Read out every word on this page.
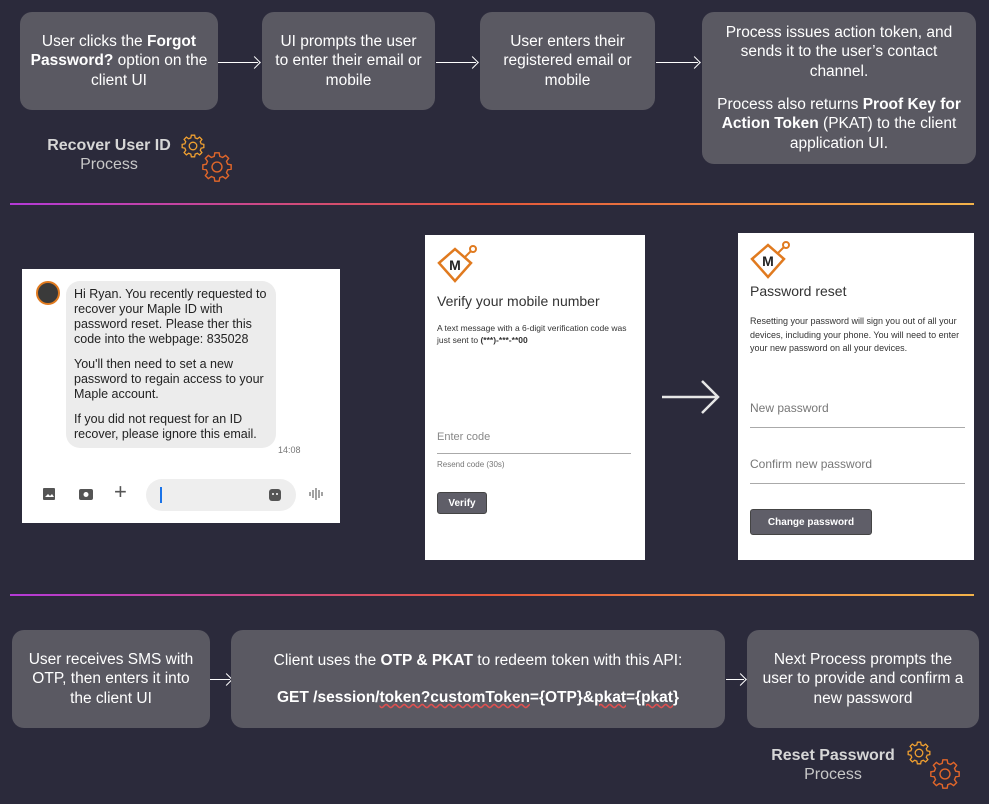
User clicks the Forgot Password? option on the client UI
UI prompts the user to enter their email or mobile
User enters their registered email or mobile
Process issues action token, and sends it to the user’s contact channel.
Process also returns Proof Key for Action Token (PKAT) to the client application UI.
Recover User ID
Process

Hi Ryan. You recently requested to recover your Maple ID with password reset. Please ther this code into the webpage: 835028

You'll then need to set a new password to regain access to your Maple account.

If you did not request for an ID recover, please ignore this email.

14:08
+
M
Verify your mobile number
A text message with a 6-digit verification code was just sent to (***)-***-**00
Enter code
Resend code (30s)
Verify
M
Password reset
Resetting your password will sign you out of all your devices, including your phone. You will need to enter your new password on all your devices.
New password
Confirm new password
Change password
User receives SMS with OTP, then enters it into the client UI
Client uses the OTP & PKAT to redeem token with this API:
GET /session/token?customToken={OTP}&pkat={pkat}
Next Process prompts the user to provide and confirm a new password
Reset Password
Process
